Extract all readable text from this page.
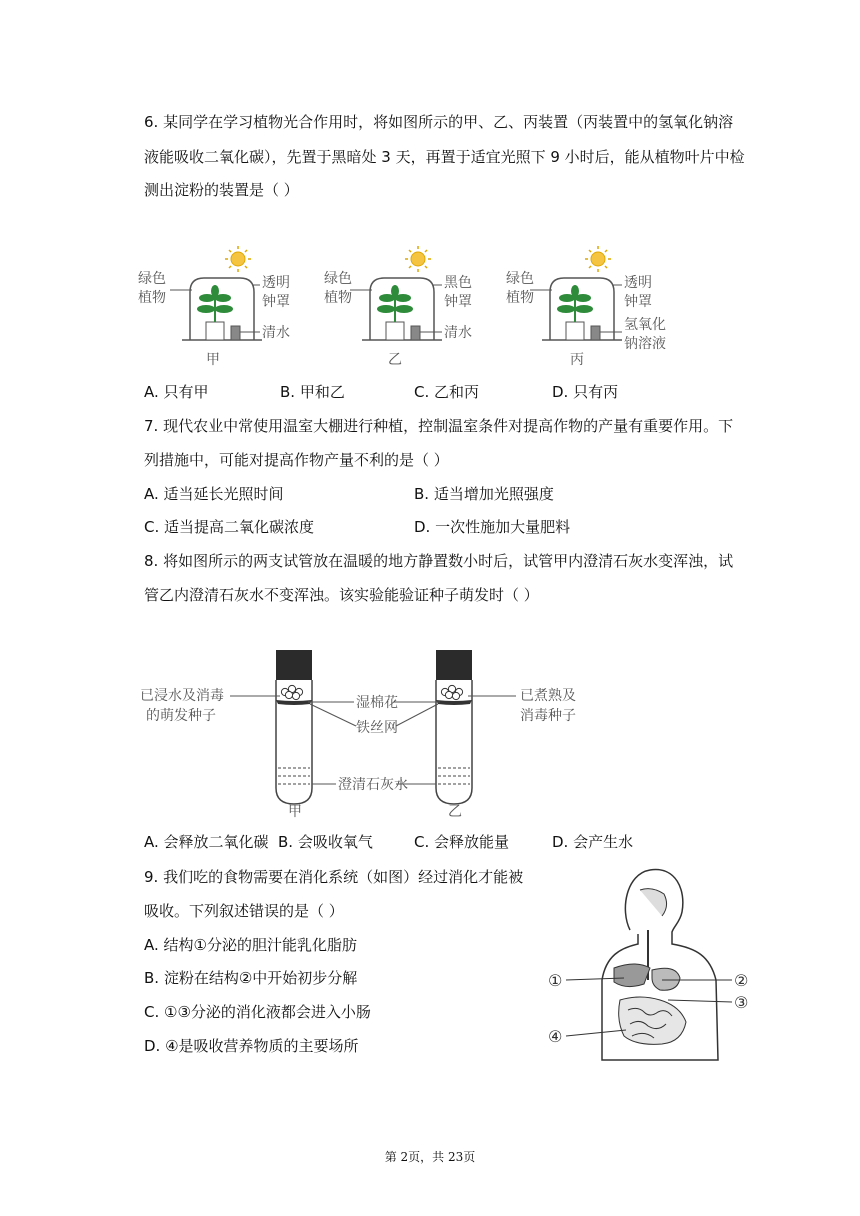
6. 某同学在学习植物光合作用时，将如图所示的甲、乙、丙装置（丙装置中的氢氧化钠溶
液能吸收二氧化碳），先置于黑暗处 3 天，再置于适宜光照下 9 小时后，能从植物叶片中检
测出淀粉的装置是（ ）
绿色
植物
透明
钟罩
清水
甲
绿色
植物
黑色
钟罩
清水
乙
绿色
植物
透明
钟罩
氢氧化
钠溶液
丙
A. 只有甲	B. 甲和乙	C. 乙和丙	D. 只有丙
7. 现代农业中常使用温室大棚进行种植，控制温室条件对提高作物的产量有重要作用。下
列措施中，可能对提高作物产量不利的是（ ）
A. 适当延长光照时间	B. 适当增加光照强度
C. 适当提高二氧化碳浓度	D. 一次性施加大量肥料
8. 将如图所示的两支试管放在温暖的地方静置数小时后，试管甲内澄清石灰水变浑浊，试
管乙内澄清石灰水不变浑浊。该实验能验证种子萌发时（ ）
已浸水及消毒
的萌发种子
湿棉花
铁丝网
澄清石灰水
已煮熟及
消毒种子
甲	乙
A. 会释放二氧化碳 B. 会吸收氧气	C. 会释放能量	D. 会产生水
9. 我们吃的食物需要在消化系统（如图）经过消化才能被
吸收。下列叙述错误的是（ ）
A. 结构①分泌的胆汁能乳化脂肪
B. 淀粉在结构②中开始初步分解
C. ①③分泌的消化液都会进入小肠
D. ④是吸收营养物质的主要场所
①	②
③
④
第 2页，共 23页
